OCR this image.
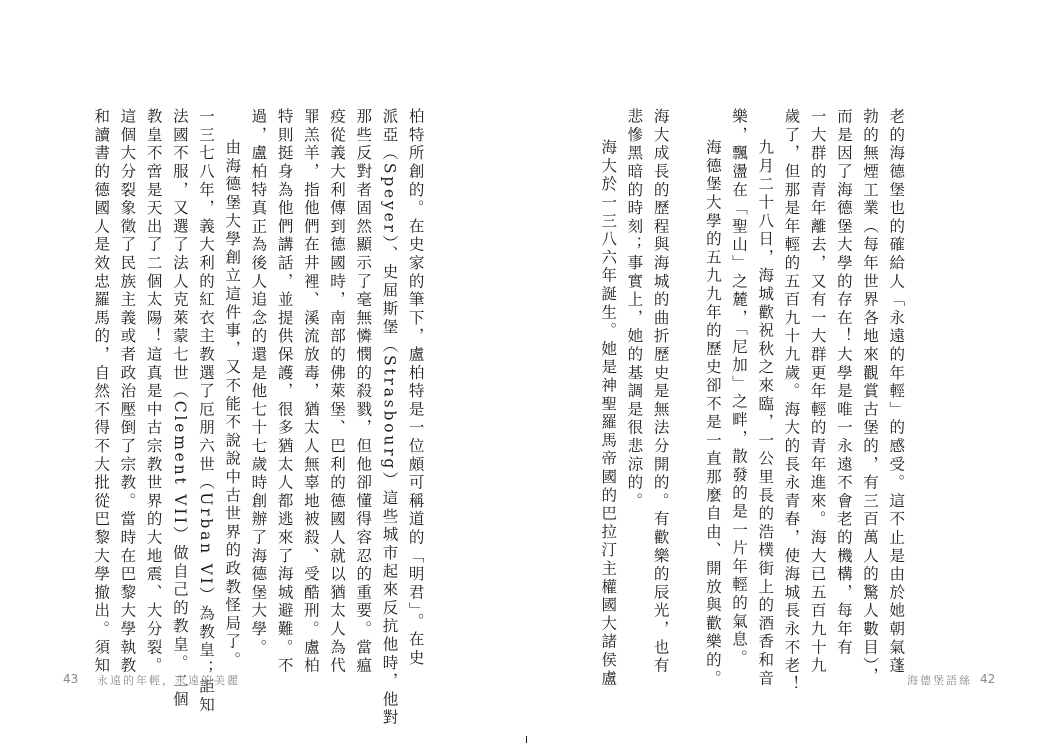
柏特所創的。在史家的筆下，盧柏特是一位頗可稱道的「明君」。在史

派亞（Speyer）、史屈斯堡（Strasbourg）這些城市起來反抗他時，他對

那些反對者固然顯示了毫無憐憫的殺戮，但他卻懂得容忍的重要。當瘟

疫從義大利傳到德國時，南部的佛萊堡、巴利的德國人就以猶太人為代

罪羔羊，指他們在井裡、溪流放毒，猶太人無辜地被殺、受酷刑。盧柏

特則挺身為他們講話，並提供保護，很多猶太人都逃來了海城避難。不

過，盧柏特真正為後人追念的還是他七十七歲時創辦了海德堡大學。

由海德堡大學創立這件事，又不能不說說中古世界的政教怪局了。

一三七八年，義大利的紅衣主教選了厄朋六世（Urban VI）為教皇；詎知

法國不服，又選了法人克萊蒙七世（Clement VII）做自己的教皇。二個

教皇不啻是天出了二個太陽！這真是中古宗教世界的大地震、大分裂。

這個大分裂象徵了民族主義或者政治壓倒了宗教。當時在巴黎大學執教

和讀書的德國人是效忠羅馬的，自然不得不大批從巴黎大學撤出。須知

43 永遠的年輕，永遠的美麗

老的海德堡也的確給人「永遠的年輕」的感受。這不止是由於她朝氣蓬

勃的無煙工業（每年世界各地來觀賞古堡的，有三百萬人的驚人數目），

而是因了海德堡大學的存在！大學是唯一永遠不會老的機構，每年有

一大群的青年離去，又有一大群更年輕的青年進來。海大已五百九十九

歲了，但那是年輕的五百九十九歲。海大的長永青春，使海城長永不老！

九月二十八日，海城歡祝秋之來臨，一公里長的浩樸街上的酒香和音

樂，飄盪在「聖山」之麓，「尼加」之畔，散發的是一片年輕的氣息。

海德堡大學的五九九年的歷史卻不是一直那麼自由、開放與歡樂的。

海大成長的歷程與海城的曲折歷史是無法分開的。有歡樂的辰光，也有

悲慘黑暗的時刻；事實上，她的基調是很悲涼的。

海大於一三八六年誕生。她是神聖羅馬帝國的巴拉汀主權國大諸侯盧	海德堡語絲 42
